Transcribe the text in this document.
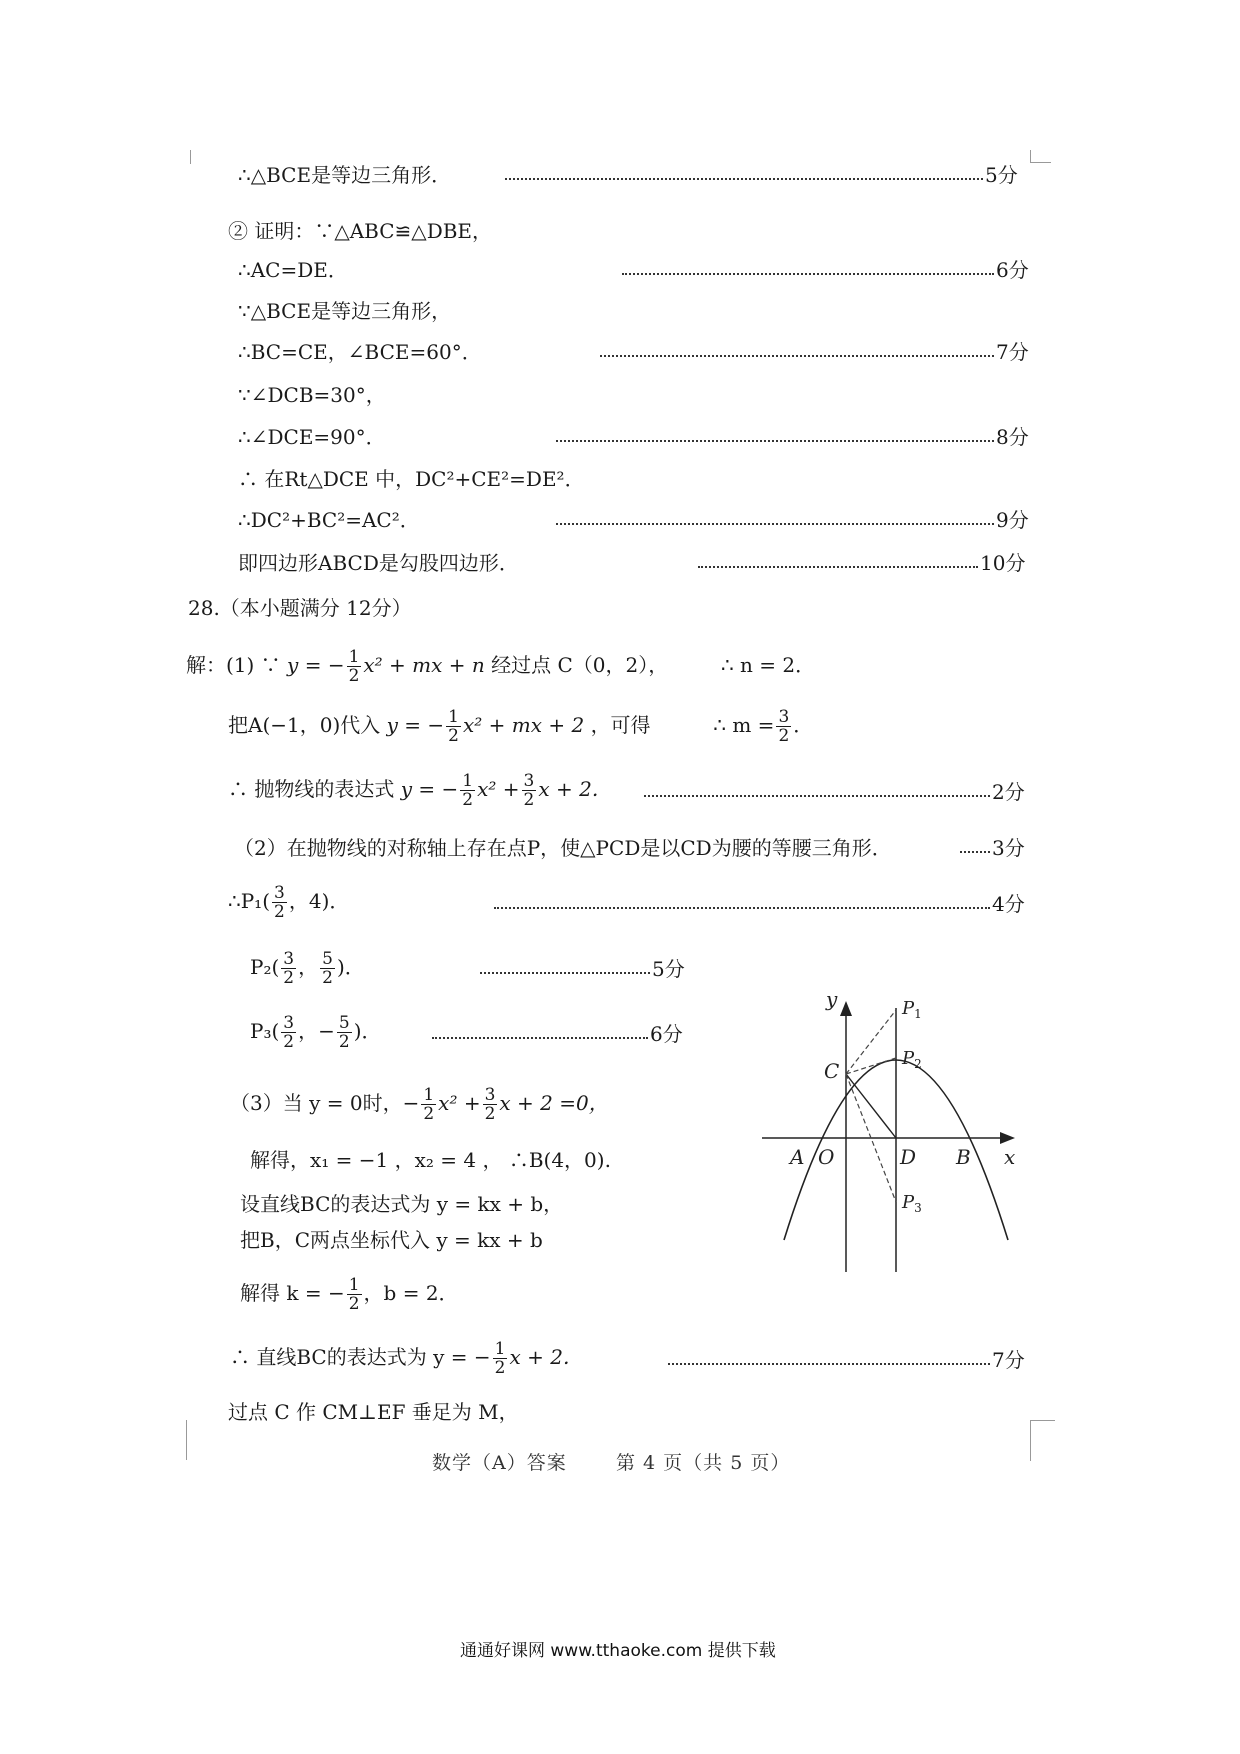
∴△BCE是等边三角形．	5分
② 证明：∵△ABC≌△DBE，
∴AC=DE．	6分
∵△BCE是等边三角形，
∴BC=CE，∠BCE=60°．	7分
∵∠DCB=30°，
∴∠DCE=90°．	8分
∴ 在Rt△DCE 中，DC²+CE²=DE²．
∴DC²+BC²=AC²．	9分
即四边形ABCD是勾股四边形．	10分
28.（本小题满分 12分）
解：(1) ∵ y = − $\frac{1}{2} x^2$ + mx + n 经过点 C（0，2），	∴ n = 2．
把A(−1，0)代入 y = − $\frac{1}{2} x^2$ + mx + 2 ，可得	∴ $m = \frac{3}{2}$ ．
∴ 抛物线的表达式 y = − $\frac{1}{2} x^2 + \frac{3}{2}$ x + 2．	2分
（2）在抛物线的对称轴上存在点P，使△PCD是以CD为腰的等腰三角形．	3分
∴P₁( $\frac{3}{2}$ ，4)．	4分
$P_2( \frac{3}{2}$ ， $\frac{5}{2}$ )．	5分
$P_3( \frac{3}{2}$ ，− $\frac{5}{2}$ )．	6分
（3）当 y = 0时，− $\frac{1}{2} x^2 + \frac{3}{2}$ x + 2 =0，
解得，x₁ = −1 ，x₂ = 4 ， ∴B(4，0).
设直线BC的表达式为 y = kx + b，
把B，C两点坐标代入 y = kx + b
解得 k = − $\frac{1}{2}$ ，b = 2．
∴ 直线BC的表达式为 y = − $\frac{1}{2}$ x + 2．	7分
过点 C 作 CM⊥EF 垂足为 M，
y
x
A O	D B
C
$P_1$
$P_2$
$P_3$
数学（A）答案	第 4 页（共 5 页）
通通好课网 www.tthaoke.com 提供下载
